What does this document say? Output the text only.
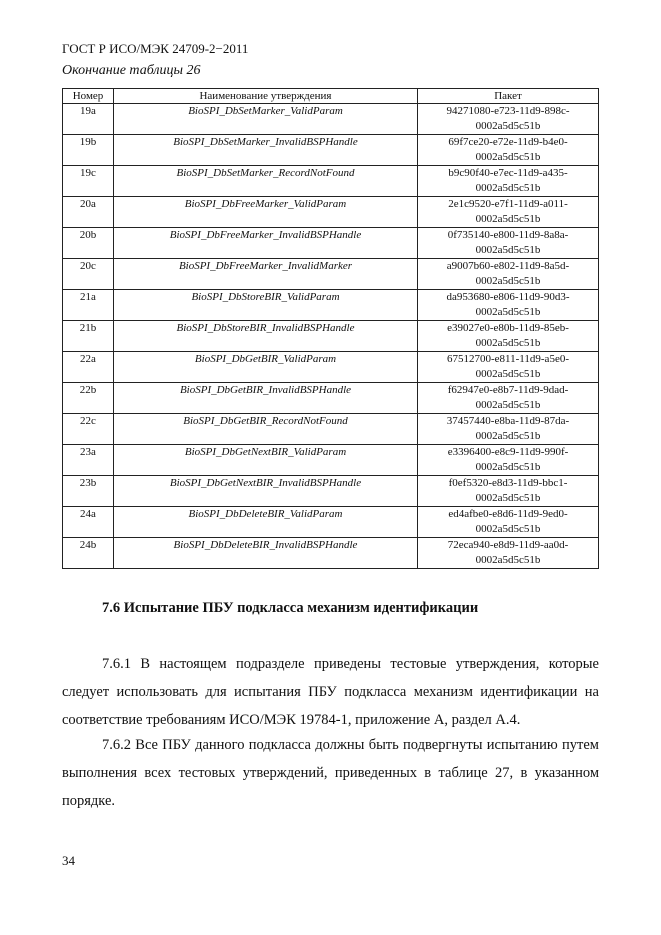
ГОСТ Р ИСО/МЭК 24709-2−2011
Окончание таблицы 26
Номер	Наименование утверждения	Пакет
19a	BioSPI_DbSetMarker_ValidParam	94271080-e723-11d9-898c-
0002a5d5c51b

19b	BioSPI_DbSetMarker_InvalidBSPHandle	69f7ce20-e72e-11d9-b4e0-
0002a5d5c51b

19c	BioSPI_DbSetMarker_RecordNotFound	b9c90f40-e7ec-11d9-a435-
0002a5d5c51b

20a	BioSPI_DbFreeMarker_ValidParam	2e1c9520-e7f1-11d9-a011-
0002a5d5c51b

20b	BioSPI_DbFreeMarker_InvalidBSPHandle	0f735140-e800-11d9-8a8a-
0002a5d5c51b

20c	BioSPI_DbFreeMarker_InvalidMarker	a9007b60-e802-11d9-8a5d-
0002a5d5c51b

21a	BioSPI_DbStoreBIR_ValidParam	da953680-e806-11d9-90d3-
0002a5d5c51b

21b	BioSPI_DbStoreBIR_InvalidBSPHandle	e39027e0-e80b-11d9-85eb-
0002a5d5c51b

22a	BioSPI_DbGetBIR_ValidParam	67512700-e811-11d9-a5e0-
0002a5d5c51b

22b	BioSPI_DbGetBIR_InvalidBSPHandle	f62947e0-e8b7-11d9-9dad-
0002a5d5c51b

22c	BioSPI_DbGetBIR_RecordNotFound	37457440-e8ba-11d9-87da-
0002a5d5c51b

23a	BioSPI_DbGetNextBIR_ValidParam	e3396400-e8c9-11d9-990f-
0002a5d5c51b

23b	BioSPI_DbGetNextBIR_InvalidBSPHandle	f0ef5320-e8d3-11d9-bbc1-
0002a5d5c51b

24a	BioSPI_DbDeleteBIR_ValidParam	ed4afbe0-e8d6-11d9-9ed0-
0002a5d5c51b

24b	BioSPI_DbDeleteBIR_InvalidBSPHandle	72eca940-e8d9-11d9-aa0d-
0002a5d5c51b
7.6 Испытание ПБУ подкласса механизм идентификации
7.6.1 В настоящем подразделе приведены тестовые утверждения, которые следует использовать для испытания ПБУ подкласса механизм идентификации на соответствие требованиям ИСО/МЭК 19784-1, приложение А, раздел А.4.
7.6.2 Все ПБУ данного подкласса должны быть подвергнуты испытанию путем выполнения всех тестовых утверждений, приведенных в таблице 27, в указанном порядке.
34
